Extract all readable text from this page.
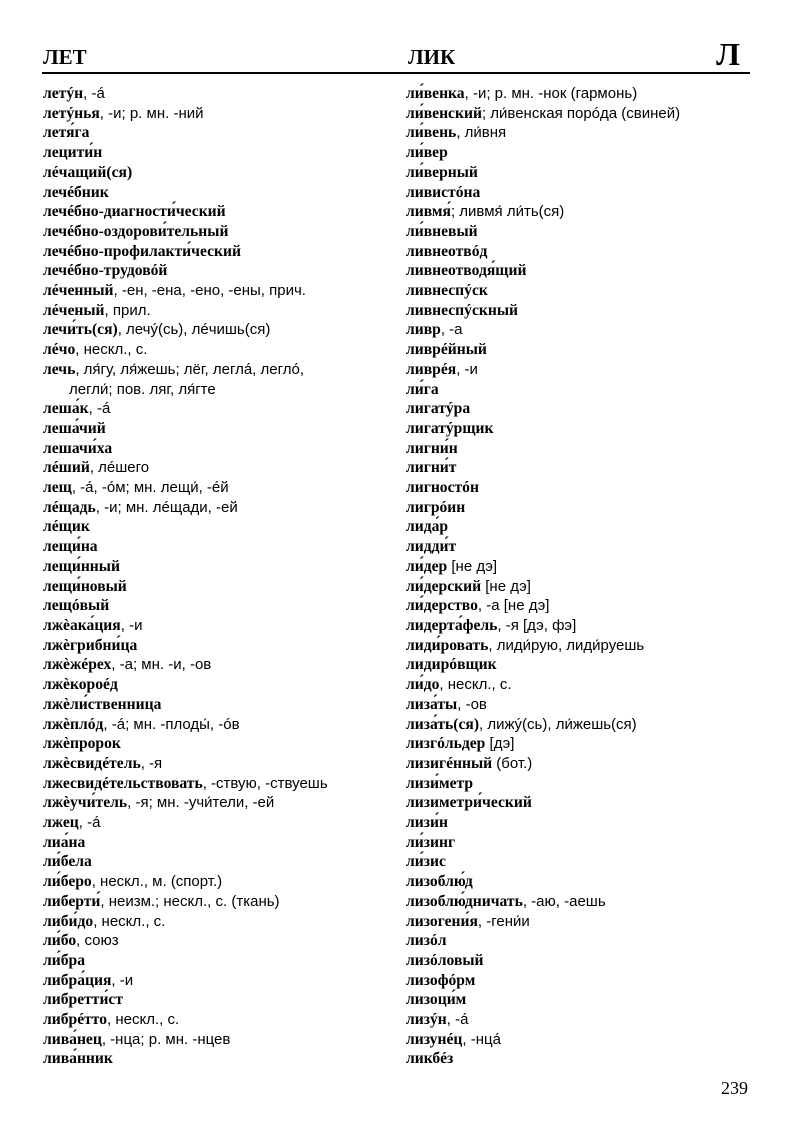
ЛЕТ	ЛИК	Л
летýн, -á
летýнья, -и; р. мн. -ний
летя́га
лецити́н
лéчащий(ся)
лечéбник
лечéбно-диагности́ческий
лечéбно-оздорови́тельный
лечéбно-профилакти́ческий
лечéбно-трудовóй
лéченный, -ен, -ена, -ено, -ены, прич.
лéченый, прил.
лечи́ть(ся), лечý(сь), лéчишь(ся)
лéчо, нескл., с.
лечь, ля́гу, ля́жешь; лёг, леглá, леглó,
легли́; пов. ляг, ля́гте
леша́к, -á
леша́чий
лешачи́ха
лéший, лéшего
лещ, -á, -óм; мн. лещи́, -éй
лéщадь, -и; мн. лéщади, -ей
лéщик
лещи́на
лещи́нный
лещи́новый
лещóвый
лжèака́ция, -и
лжèгрибни́ца
лжèжéрех, -а; мн. -и, -ов
лжèкороéд
лжèли́ственница
лжèплóд, -á; мн. -плоды́, -óв
лжèпророк
лжèсвидéтель, -я
лжесвидéтельствовать, -ствую, -ствуешь
лжèучи́тель, -я; мн. -учи́тели, -ей
лжец, -á
лиа́на
ли́бела
ли́беро, нескл., м. (спорт.)
либерти́, неизм.; нескл., с. (ткань)
либи́до, нескл., с.
ли́бо, союз
ли́бра
либра́ция, -и
либретти́ст
либрéтто, нескл., с.
лива́нец, -нца; р. мн. -нцев
лива́нник
ли́венка, -и; р. мн. -нок (гармонь)
ли́венский; ли́венская порóда (свиней)
ли́вень, ли́вня
ли́вер
ли́верный
ливистóна
ливмя́; ливмя́ ли́ть(ся)
ли́вневый
ливнеотвóд
ливнеотводя́щий
ливнеспýск
ливнеспýскный
ливр, -а
ливрéйный
ливрéя, -и
ли́га
лигатýра
лигатýрщик
лигни́н
лигни́т
лигностóн
лигрóин
лида́р
лидди́т
ли́дер [не дэ]
ли́дерский [не дэ]
ли́дерство, -а [не дэ]
лидерта́фель, -я [дэ, фэ]
лиди́ровать, лиди́рую, лиди́руешь
лидирóвщик
ли́до, нескл., с.
лиза́ты, -ов
лиза́ть(ся), лижý(сь), ли́жешь(ся)
лизгóльдер [дэ]
лизигéнный (бот.)
лизи́метр
лизиметри́ческий
лизи́н
ли́зинг
ли́зис
лизоблю́д
лизоблю́дничать, -аю, -аешь
лизогени́я, -гени́и
лизóл
лизóловый
лизофóрм
лизоци́м
лизýн, -á
лизунéц, -нцá
ликбéз
239
